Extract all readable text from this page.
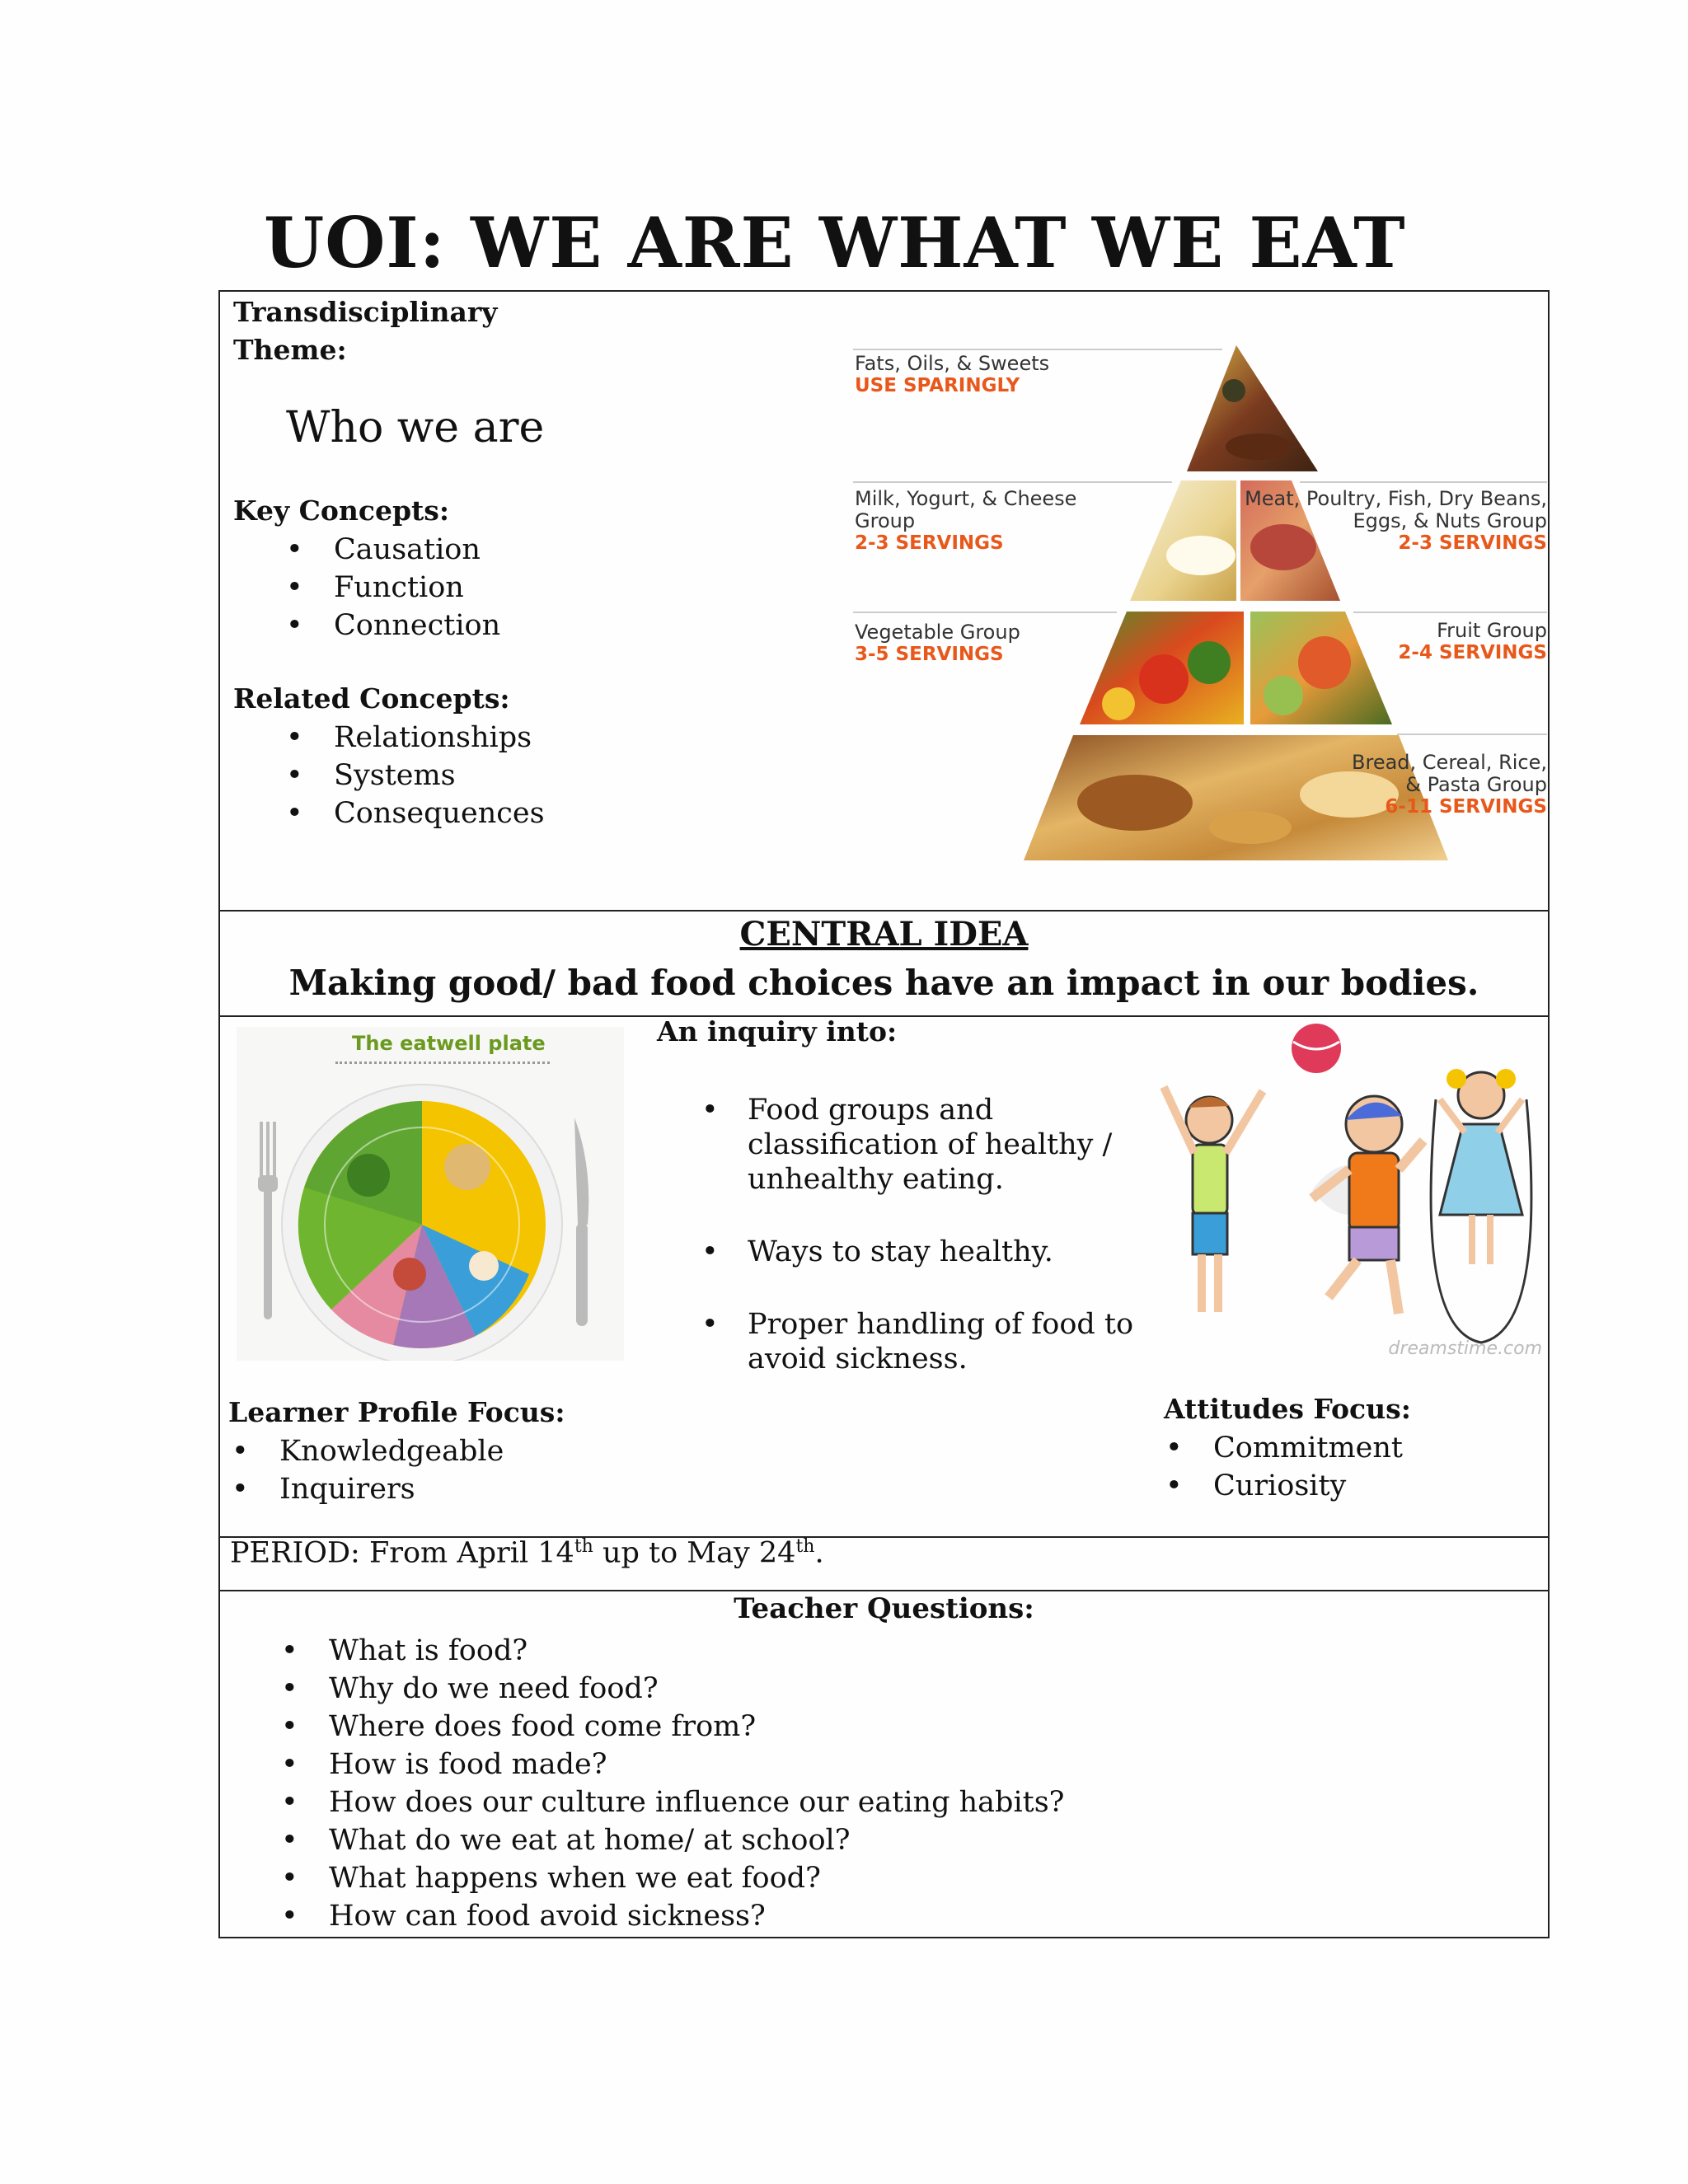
UOI: WE ARE WHAT WE EAT
Transdisciplinary
Theme:
Who we are
Key Concepts:
• Causation
• Function
• Connection
Related Concepts:
• Relationships
• Systems
• Consequences
Fats, Oils, & Sweets
USE SPARINGLY
Milk, Yogurt, & Cheese
Group
2-3 SERVINGS
Meat, Poultry, Fish, Dry Beans,
Eggs, & Nuts Group
2-3 SERVINGS
Vegetable Group
3-5 SERVINGS
Fruit Group
2-4 SERVINGS
Bread, Cereal, Rice,
& Pasta Group
6-11 SERVINGS
CENTRAL IDEA
Making good/ bad food choices have an impact in our bodies.
The eatwell plate	An inquiry into:
• Food groups and
classification of healthy /
unhealthy eating.
• Ways to stay healthy.
• Proper handling of food to
avoid sickness.	dreamstime.com
Learner Profile Focus:
• Knowledgeable
• Inquirers
Attitudes Focus:
• Commitment
• Curiosity
PERIOD: From April 14th up to May 24th.
Teacher Questions:
• What is food?
• Why do we need food?
• Where does food come from?
• How is food made?
• How does our culture influence our eating habits?
• What do we eat at home/ at school?
• What happens when we eat food?
• How can food avoid sickness?
